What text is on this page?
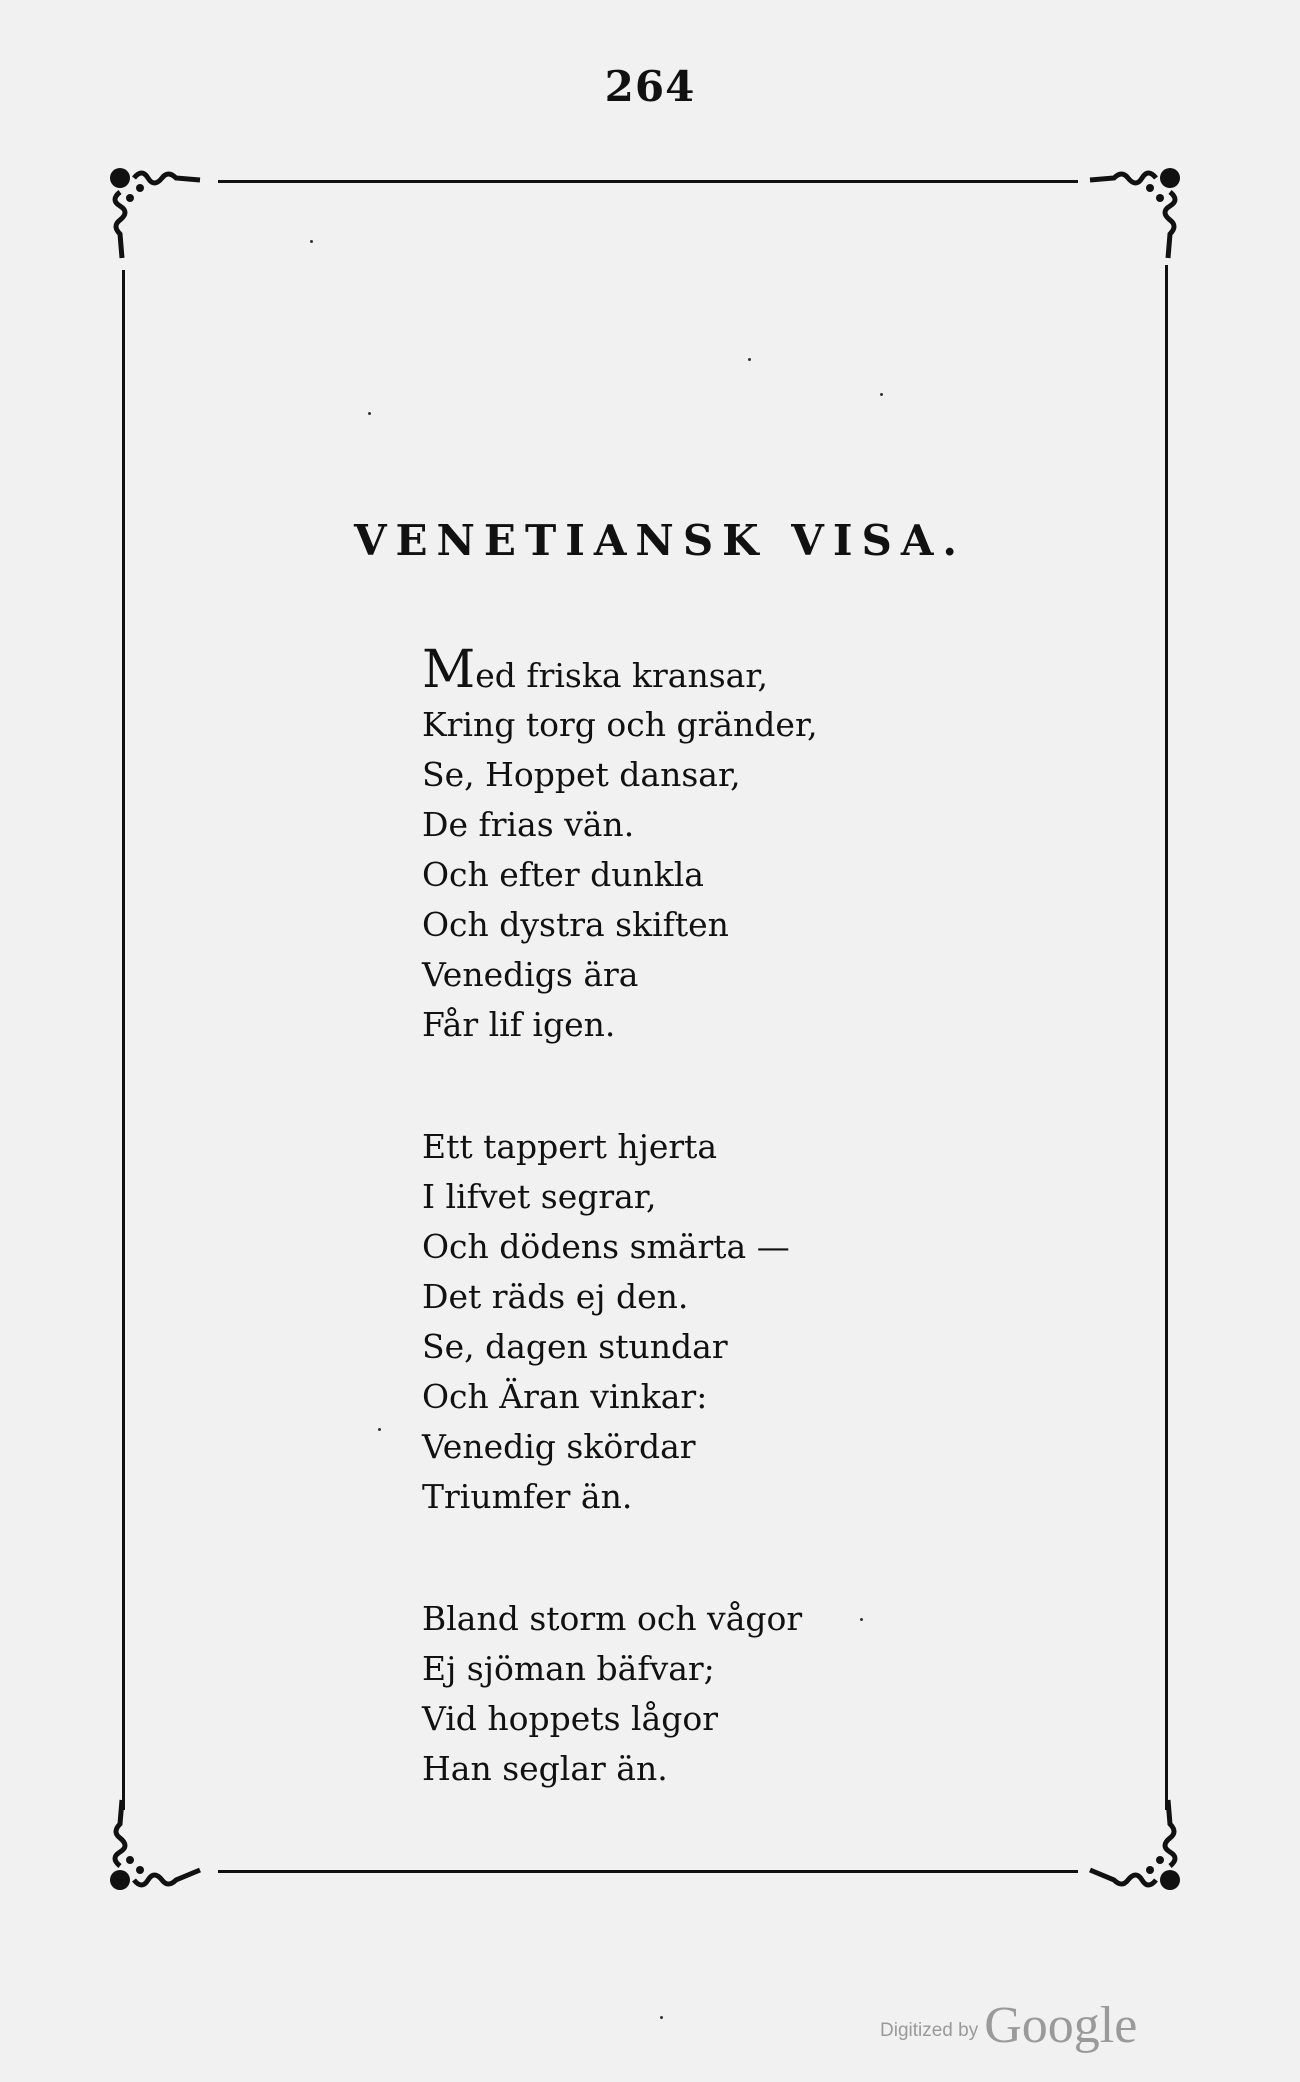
264
VENETIANSK VISA.
Med friska kransar,
Kring torg och gränder,
Se, Hoppet dansar,
De frias vän.
Och efter dunkla
Och dystra skiften
Venedigs ära
Får lif igen.
Ett tappert hjerta
I lifvet segrar,
Och dödens smärta —
Det räds ej den.
Se, dagen stundar
Och Äran vinkar:
Venedig skördar
Triumfer än.
Bland storm och vågor
Ej sjöman bäfvar;
Vid hoppets lågor
Han seglar än.
Digitized by Google
